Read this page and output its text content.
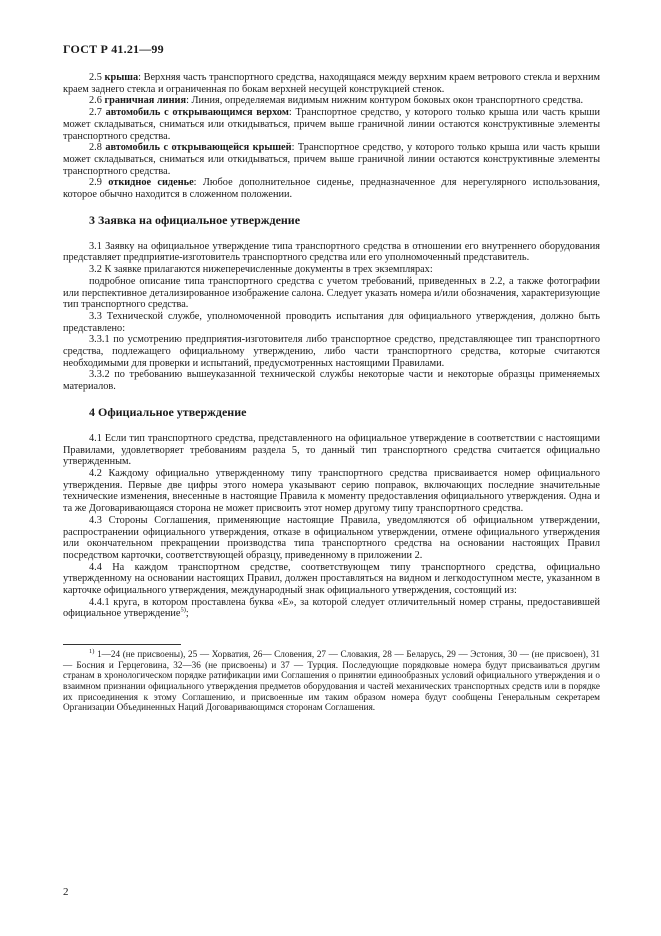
ГОСТ Р 41.21—99

2.5 крыша: Верхняя часть транспортного средства, находящаяся между верхним краем ветрового стекла и верхним краем заднего стекла и ограниченная по бокам верхней несущей конструкцией стенок.

2.6 граничная линия: Линия, определяемая видимым нижним контуром боковых окон транспортного средства.

2.7 автомобиль с открывающимся верхом: Транспортное средство, у которого только крыша или часть крыши может складываться, сниматься или откидываться, причем выше граничной линии остаются конструктивные элементы транспортного средства.

2.8 автомобиль с открывающейся крышей: Транспортное средство, у которого только крыша или часть крыши может складываться, сниматься или откидываться, причем выше граничной линии остаются конструктивные элементы транспортного средства.

2.9 откидное сиденье: Любое дополнительное сиденье, предназначенное для нерегулярного использования, которое обычно находится в сложенном положении.

3 Заявка на официальное утверждение

3.1 Заявку на официальное утверждение типа транспортного средства в отношении его внутреннего оборудования представляет предприятие-изготовитель транспортного средства или его уполномоченный представитель.

3.2 К заявке прилагаются нижеперечисленные документы в трех экземплярах:

подробное описание типа транспортного средства с учетом требований, приведенных в 2.2, а также фотографии или перспективное детализированное изображение салона. Следует указать номера и/или обозначения, характеризующие тип транспортного средства.

3.3 Технической службе, уполномоченной проводить испытания для официального утверждения, должно быть представлено:

3.3.1 по усмотрению предприятия-изготовителя либо транспортное средство, представляющее тип транспортного средства, подлежащего официальному утверждению, либо части транспортного средства, которые считаются необходимыми для проверки и испытаний, предусмотренных настоящими Правилами.

3.3.2 по требованию вышеуказанной технической службы некоторые части и некоторые образцы применяемых материалов.

4 Официальное утверждение

4.1 Если тип транспортного средства, представленного на официальное утверждение в соответствии с настоящими Правилами, удовлетворяет требованиям раздела 5, то данный тип транспортного средства считается официально утвержденным.

4.2 Каждому официально утвержденному типу транспортного средства присваивается номер официального утверждения. Первые две цифры этого номера указывают серию поправок, включающих последние значительные технические изменения, внесенные в настоящие Правила к моменту предоставления официального утверждения. Одна и та же Договаривающаяся сторона не может присвоить этот номер другому типу транспортного средства.

4.3 Стороны Соглашения, применяющие настоящие Правила, уведомляются об официальном утверждении, распространении официального утверждения, отказе в официальном утверждении, отмене официального утверждения или окончательном прекращении производства типа транспортного средства на основании настоящих Правил посредством карточки, соответствующей образцу, приведенному в приложении 2.

4.4 На каждом транспортном средстве, соответствующем типу транспортного средства, официально утвержденному на основании настоящих Правил, должен проставляться на видном и легкодоступном месте, указанном в карточке официального утверждения, международный знак официального утверждения, состоящий из:

4.4.1 круга, в котором проставлена буква «Е», за которой следует отличительный номер страны, предоставившей официальное утверждение$^{5)}$;

$^{1)}$ 1—24 (не присвоены), 25 — Хорватия, 26— Словения, 27 — Словакия, 28 — Беларусь, 29 — Эстония, 30 — (не присвоен), 31 — Босния и Герцеговина, 32—36 (не присвоены) и 37 — Турция. Последующие порядковые номера будут присваиваться другим странам в хронологическом порядке ратификации ими Соглашения о принятии единообразных условий официального утверждения и о взаимном признании официального утверждения предметов оборудования и частей механических транспортных средств или в порядке их присоединения к этому Соглашению, и присвоенные им таким образом номера будут сообщены Генеральным секретарем Организации Объединенных Наций Договаривающимся сторонам Соглашения.

2
